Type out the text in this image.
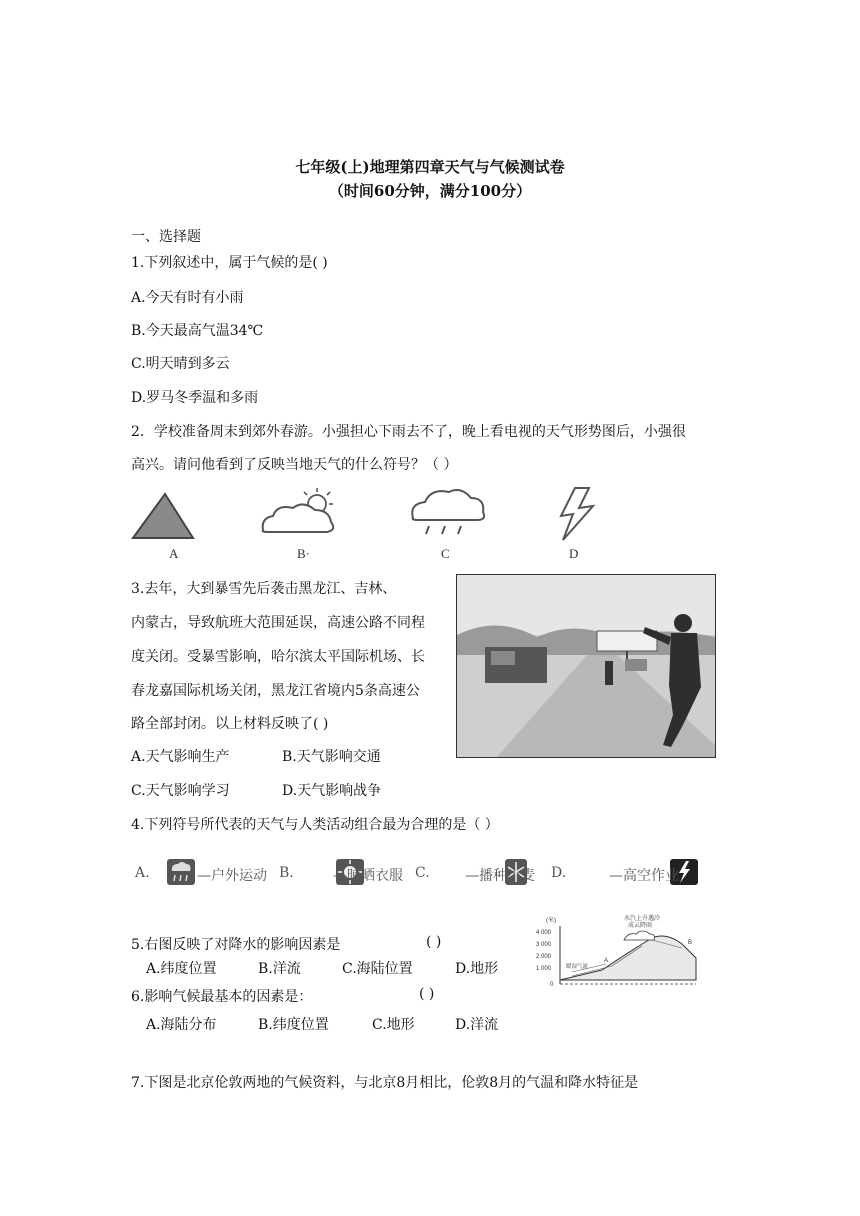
七年级(上)地理第四章天气与气候测试卷
（时间60分钟，满分100分）
一、选择题
1.下列叙述中，属于气候的是( )
A.今天有时有小雨
B.今天最高气温34℃
C.明天晴到多云
D.罗马冬季温和多雨
2．学校准备周末到郊外春游。小强担心下雨去不了，晚上看电视的天气形势图后，小强很
高兴。请问他看到了反映当地天气的什么符号？（ ）
A	B·	C	D
3.去年，大到暴雪先后袭击黑龙江、吉林、
内蒙古，导致航班大范围延误，高速公路不同程
度关闭。受暴雪影响，哈尔滨太平国际机场、长
春龙嘉国际机场关闭，黑龙江省境内5条高速公
路全部封闭。以上材料反映了( )
A.天气影响生产	B.天气影响交通
C.天气影响学习	D.天气影响战争
4.下列符号所代表的天气与人类活动组合最为合理的是（ ）
A.
	—户外运动 B.
	—晾晒衣服 C.
	—播种小麦 D.	—高空作业
5.右图反映了对降水的影响因素是	( )
A.纬度位置	B.洋流	C.海陆位置	D.地形
(米)
4 000
3 000
2 000
1 000
0
水汽上升遇冷
成云降雨
暖湿气流
A
B
6.影响气候最基本的因素是：	( )
A.海陆分布	B.纬度位置	C.地形	D.洋流
7.下图是北京伦敦两地的气候资料，与北京8月相比，伦敦8月的气温和降水特征是
